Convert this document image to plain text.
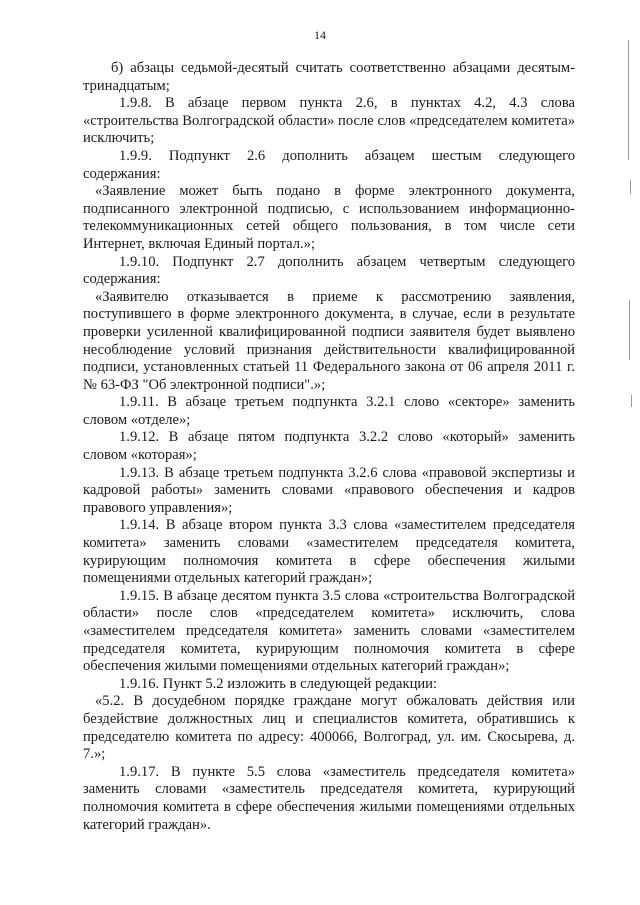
14

б) абзацы седьмой-десятый считать соответственно абзацами десятым-тринадцатым;

1.9.8. В абзаце первом пункта 2.6, в пунктах 4.2, 4.3 слова «строительства Волгоградской области» после слов «председателем комитета» исключить;

1.9.9. Подпункт 2.6 дополнить абзацем шестым следующего содержания:

«Заявление может быть подано в форме электронного документа, подписанного электронной подписью, с использованием информационно-телекоммуникационных сетей общего пользования, в том числе сети Интернет, включая Единый портал.»;

1.9.10. Подпункт 2.7 дополнить абзацем четвертым следующего содержания:

«Заявителю отказывается в приеме к рассмотрению заявления, поступившего в форме электронного документа, в случае, если в результате проверки усиленной квалифицированной подписи заявителя будет выявлено несоблюдение условий признания действительности квалифицированной подписи, установленных статьей 11 Федерального закона от 06 апреля 2011 г. № 63-ФЗ "Об электронной подписи".»;

1.9.11. В абзаце третьем подпункта 3.2.1 слово «секторе» заменить словом «отделе»;

1.9.12. В абзаце пятом подпункта 3.2.2 слово «который» заменить словом «которая»;

1.9.13. В абзаце третьем подпункта 3.2.6 слова «правовой экспертизы и кадровой работы» заменить словами «правового обеспечения и кадров правового управления»;

1.9.14. В абзаце втором пункта 3.3 слова «заместителем председателя комитета» заменить словами «заместителем председателя комитета, курирующим полномочия комитета в сфере обеспечения жилыми помещениями отдельных категорий граждан»;

1.9.15. В абзаце десятом пункта 3.5 слова «строительства Волгоградской области» после слов «председателем комитета» исключить, слова «заместителем председателя комитета» заменить словами «заместителем председателя комитета, курирующим полномочия комитета в сфере обеспечения жилыми помещениями отдельных категорий граждан»;

1.9.16. Пункт 5.2 изложить в следующей редакции:

«5.2. В досудебном порядке граждане могут обжаловать действия или бездействие должностных лиц и специалистов комитета, обратившись к председателю комитета по адресу: 400066, Волгоград, ул. им. Скосырева, д. 7.»;

1.9.17. В пункте 5.5 слова «заместитель председателя комитета» заменить словами «заместитель председателя комитета, курирующий полномочия комитета в сфере обеспечения жилыми помещениями отдельных категорий граждан».
